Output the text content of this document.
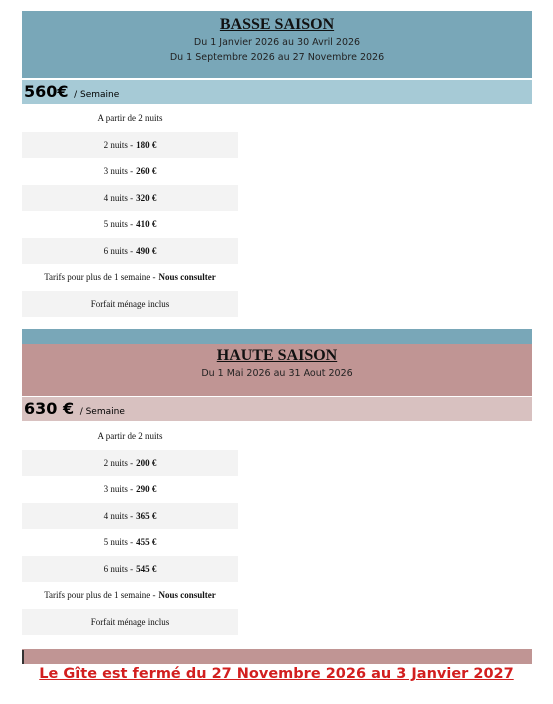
BASSE SAISON
Du 1 Janvier 2026 au 30 Avril 2026
Du 1 Septembre 2026 au 27 Novembre 2026
560€ / Semaine
A partir de 2 nuits
2 nuits - 180 €
3 nuits - 260 €
4 nuits - 320 €
5 nuits - 410 €
6 nuits - 490 €
Tarifs pour plus de 1 semaine - Nous consulter
Forfait ménage inclus
HAUTE SAISON
Du 1 Mai 2026 au 31 Aout 2026
630 € / Semaine
A partir de 2 nuits
2 nuits - 200 €
3 nuits - 290 €
4 nuits - 365 €
5 nuits - 455 €
6 nuits - 545 €
Tarifs pour plus de 1 semaine - Nous consulter
Forfait ménage inclus
Le Gîte est fermé du 27 Novembre 2026 au 3 Janvier 2027
